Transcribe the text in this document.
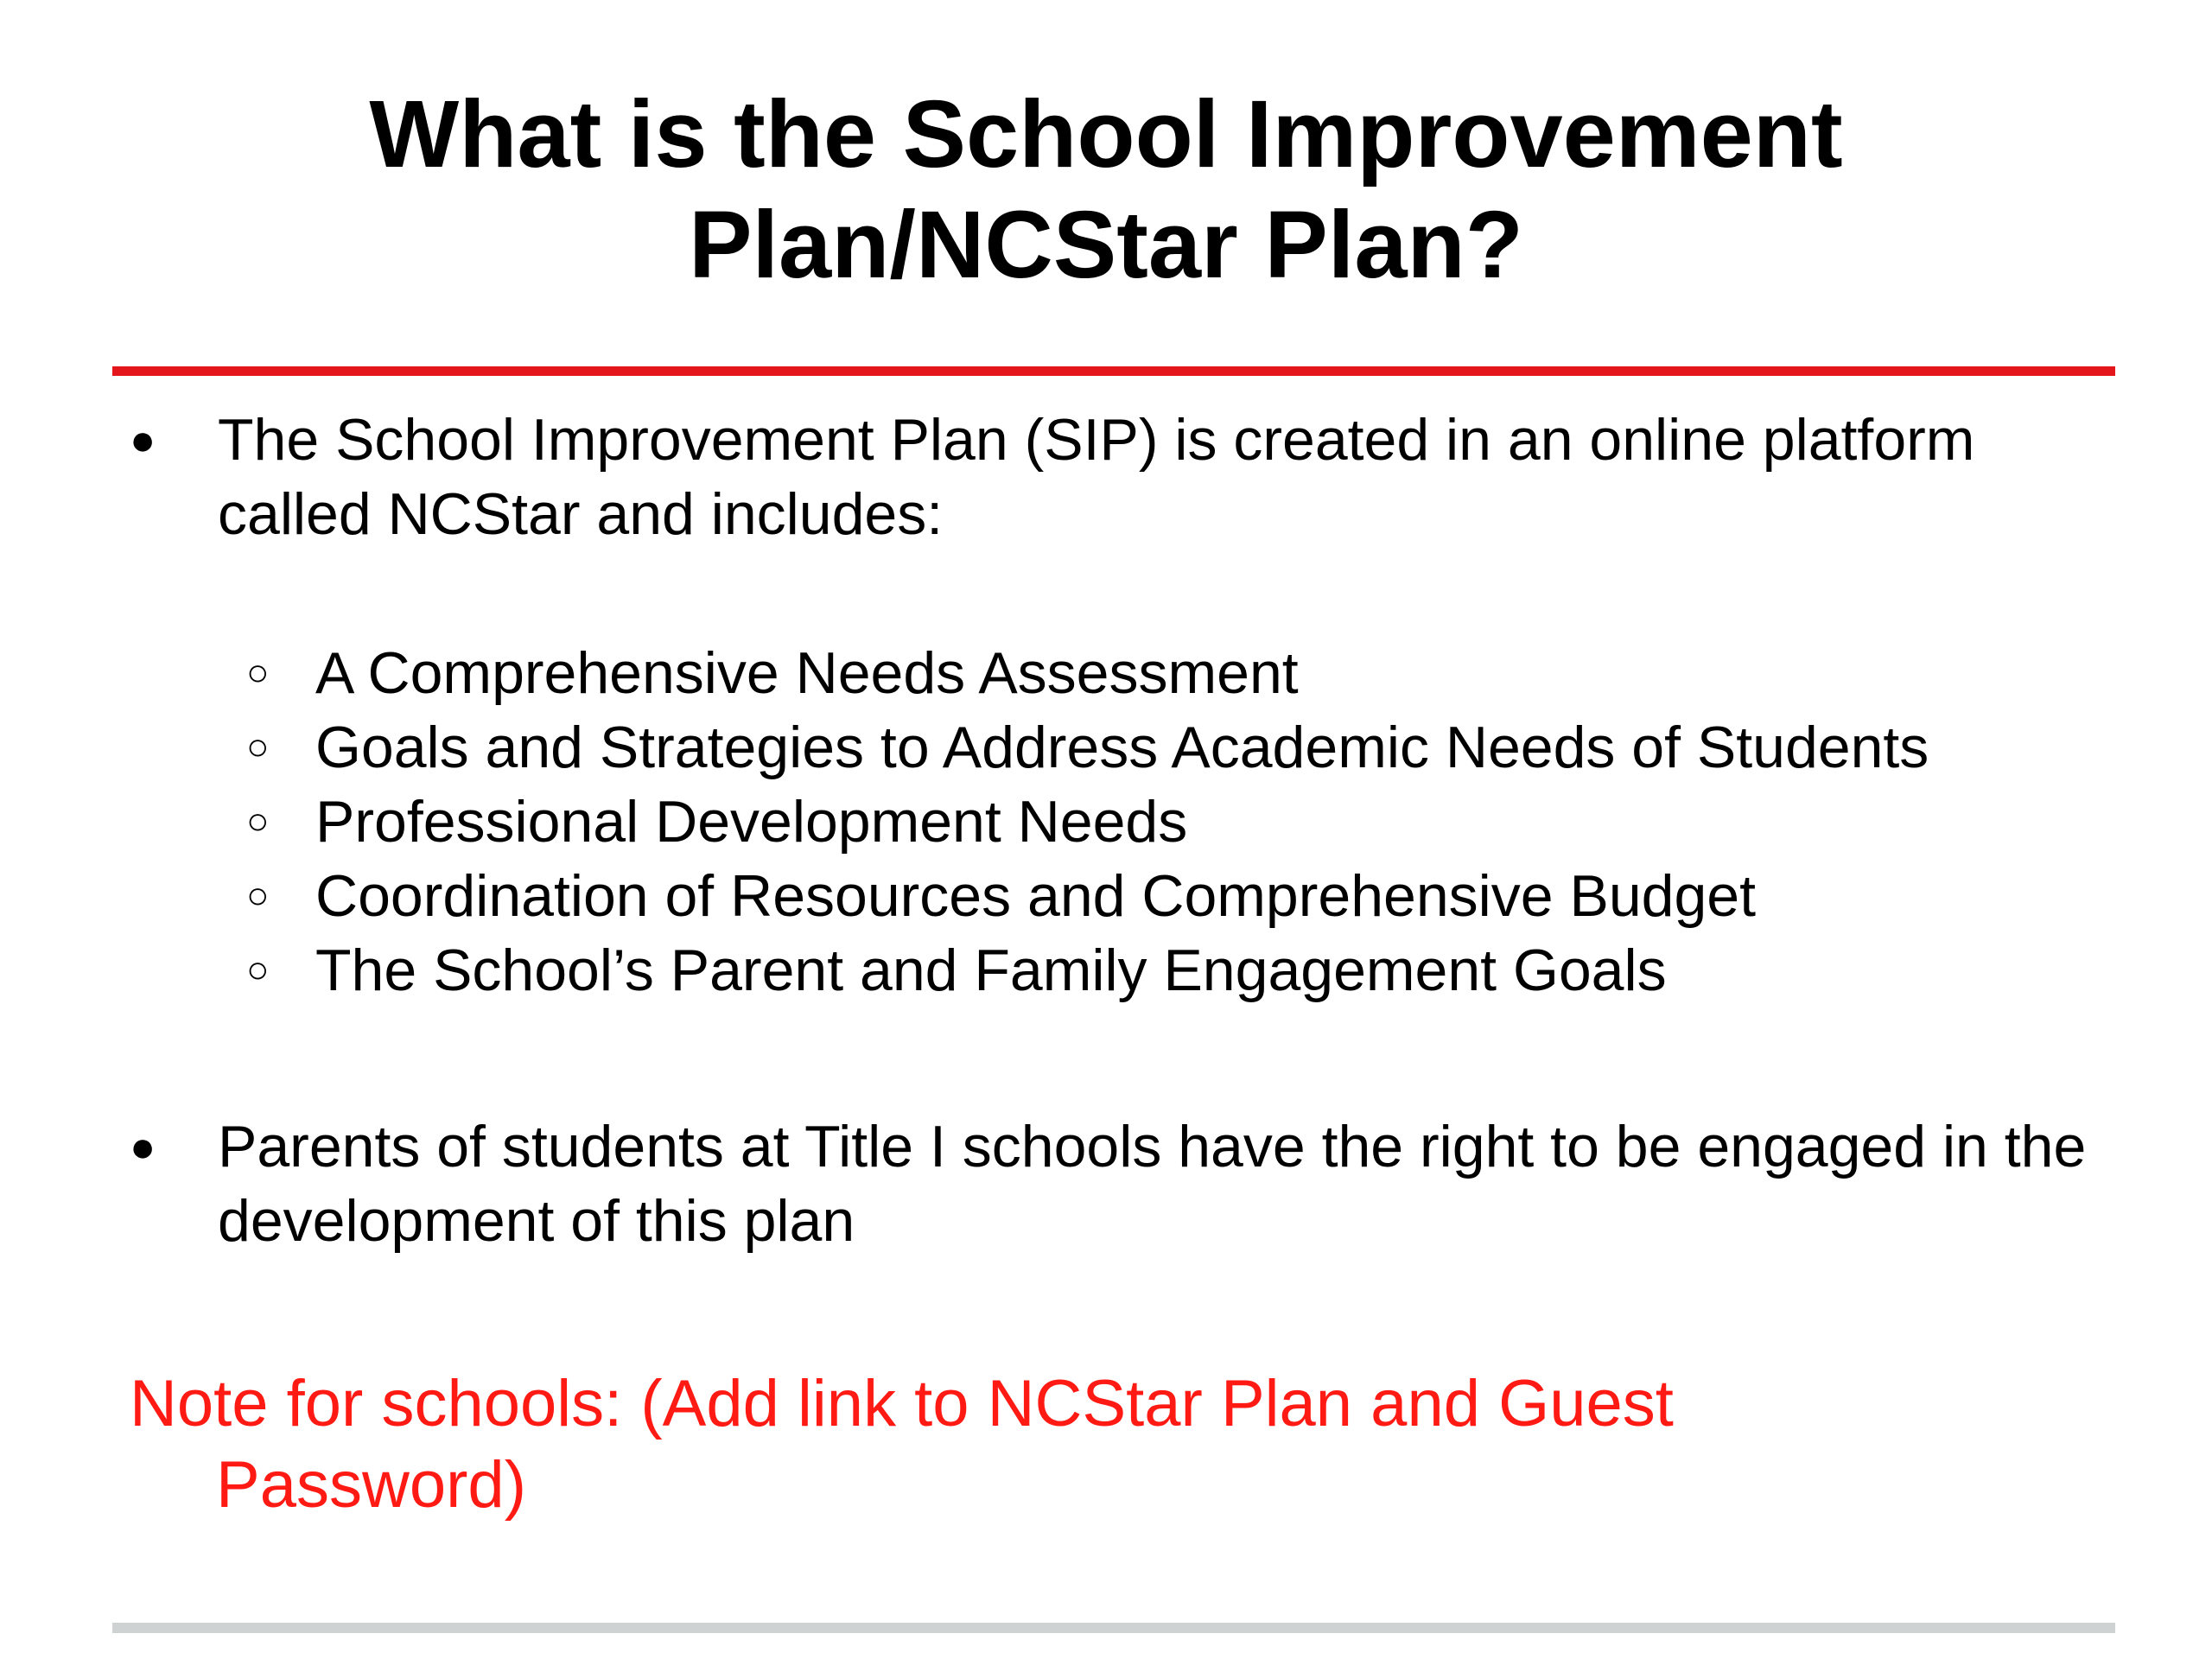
What is the School Improvement
Plan/NCStar Plan?
●	The School Improvement Plan (SIP) is created in an online platform called NCStar and includes:
○ A Comprehensive Needs Assessment
○ Goals and Strategies to Address Academic Needs of Students
○ Professional Development Needs
○ Coordination of Resources and Comprehensive Budget
○ The School’s Parent and Family Engagement Goals
●	Parents of students at Title I schools have the right to be engaged in the development of this plan
Note for schools: (Add link to NCStar Plan and Guest
Password)
